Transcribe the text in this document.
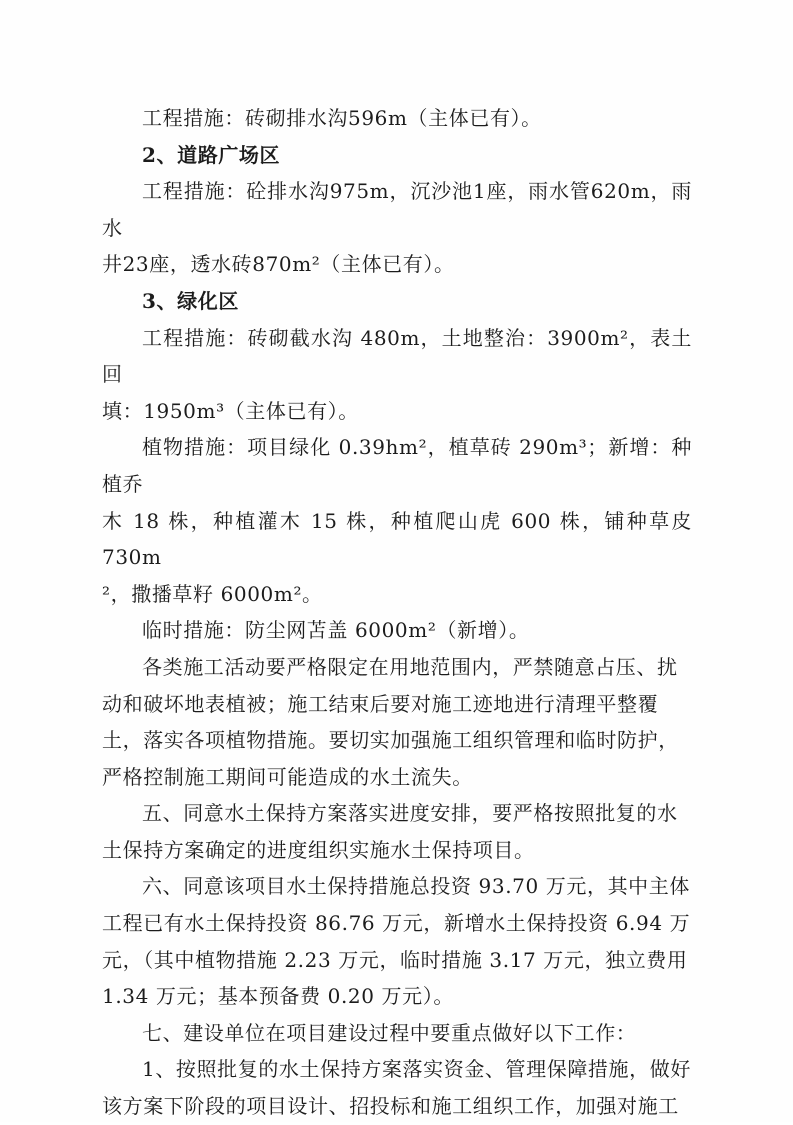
工程措施：砖砌排水沟596m（主体已有）。

2、道路广场区

工程措施：砼排水沟975m，沉沙池1座，雨水管620m，雨水
井23座，透水砖870m²（主体已有）。

3、绿化区

工程措施：砖砌截水沟 480m，土地整治：3900m²，表土回
填：1950m³（主体已有）。

植物措施：项目绿化 0.39hm²，植草砖 290m³；新增：种植乔
木 18 株，种植灌木 15 株，种植爬山虎 600 株，铺种草皮 730m
²，撒播草籽 6000m²。

临时措施：防尘网苫盖 6000m²（新增）。

各类施工活动要严格限定在用地范围内，严禁随意占压、扰
动和破坏地表植被；施工结束后要对施工迹地进行清理平整覆
土，落实各项植物措施。要切实加强施工组织管理和临时防护，
严格控制施工期间可能造成的水土流失。

五、同意水土保持方案落实进度安排，要严格按照批复的水
土保持方案确定的进度组织实施水土保持项目。

六、同意该项目水土保持措施总投资 93.70 万元，其中主体
工程已有水土保持投资 86.76 万元，新增水土保持投资 6.94 万
元，（其中植物措施 2.23 万元，临时措施 3.17 万元，独立费用
1.34 万元；基本预备费 0.20 万元）。

七、建设单位在项目建设过程中要重点做好以下工作：

1、按照批复的水土保持方案落实资金、管理保障措施，做好
该方案下阶段的项目设计、招投标和施工组织工作，加强对施工
